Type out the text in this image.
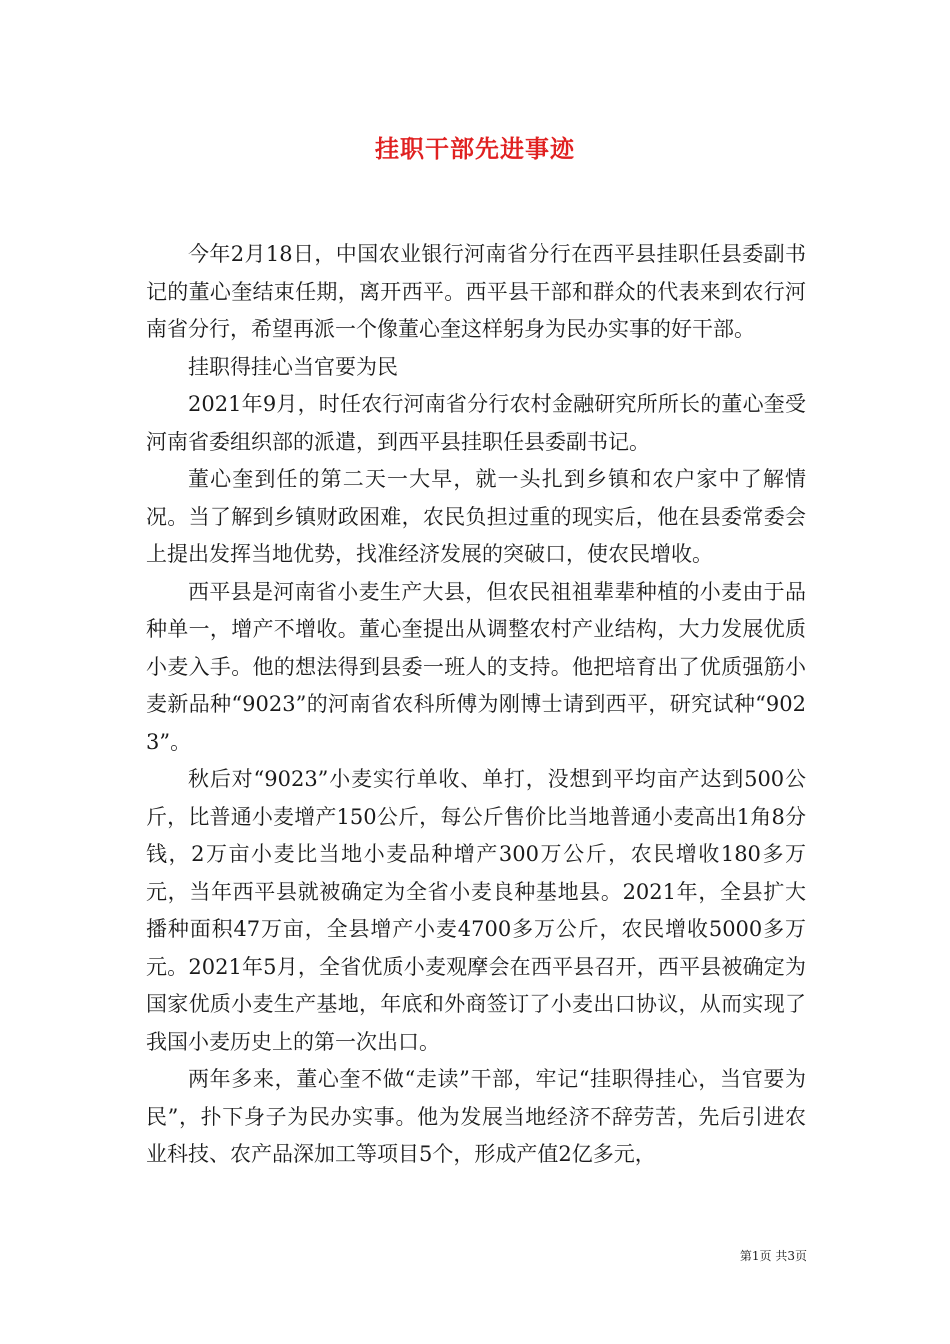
挂职干部先进事迹

今年2月18日，中国农业银行河南省分行在西平县挂职任县委副书记的董心奎结束任期，离开西平。西平县干部和群众的代表来到农行河南省分行，希望再派一个像董心奎这样躬身为民办实事的好干部。

挂职得挂心当官要为民

2021年9月，时任农行河南省分行农村金融研究所所长的董心奎受河南省委组织部的派遣，到西平县挂职任县委副书记。

董心奎到任的第二天一大早，就一头扎到乡镇和农户家中了解情况。当了解到乡镇财政困难，农民负担过重的现实后，他在县委常委会上提出发挥当地优势，找准经济发展的突破口，使农民增收。

西平县是河南省小麦生产大县，但农民祖祖辈辈种植的小麦由于品种单一，增产不增收。董心奎提出从调整农村产业结构，大力发展优质小麦入手。他的想法得到县委一班人的支持。他把培育出了优质强筋小麦新品种“9023”的河南省农科所傅为刚博士请到西平，研究试种“9023”。

秋后对“9023”小麦实行单收、单打，没想到平均亩产达到500公斤，比普通小麦增产150公斤，每公斤售价比当地普通小麦高出1角8分钱，2万亩小麦比当地小麦品种增产300万公斤，农民增收180多万元，当年西平县就被确定为全省小麦良种基地县。2021年，全县扩大播种面积47万亩，全县增产小麦4700多万公斤，农民增收5000多万元。2021年5月，全省优质小麦观摩会在西平县召开，西平县被确定为国家优质小麦生产基地，年底和外商签订了小麦出口协议，从而实现了我国小麦历史上的第一次出口。

两年多来，董心奎不做“走读”干部，牢记“挂职得挂心，当官要为民”，扑下身子为民办实事。他为发展当地经济不辞劳苦，先后引进农业科技、农产品深加工等项目5个，形成产值2亿多元，

第1页 共3页
